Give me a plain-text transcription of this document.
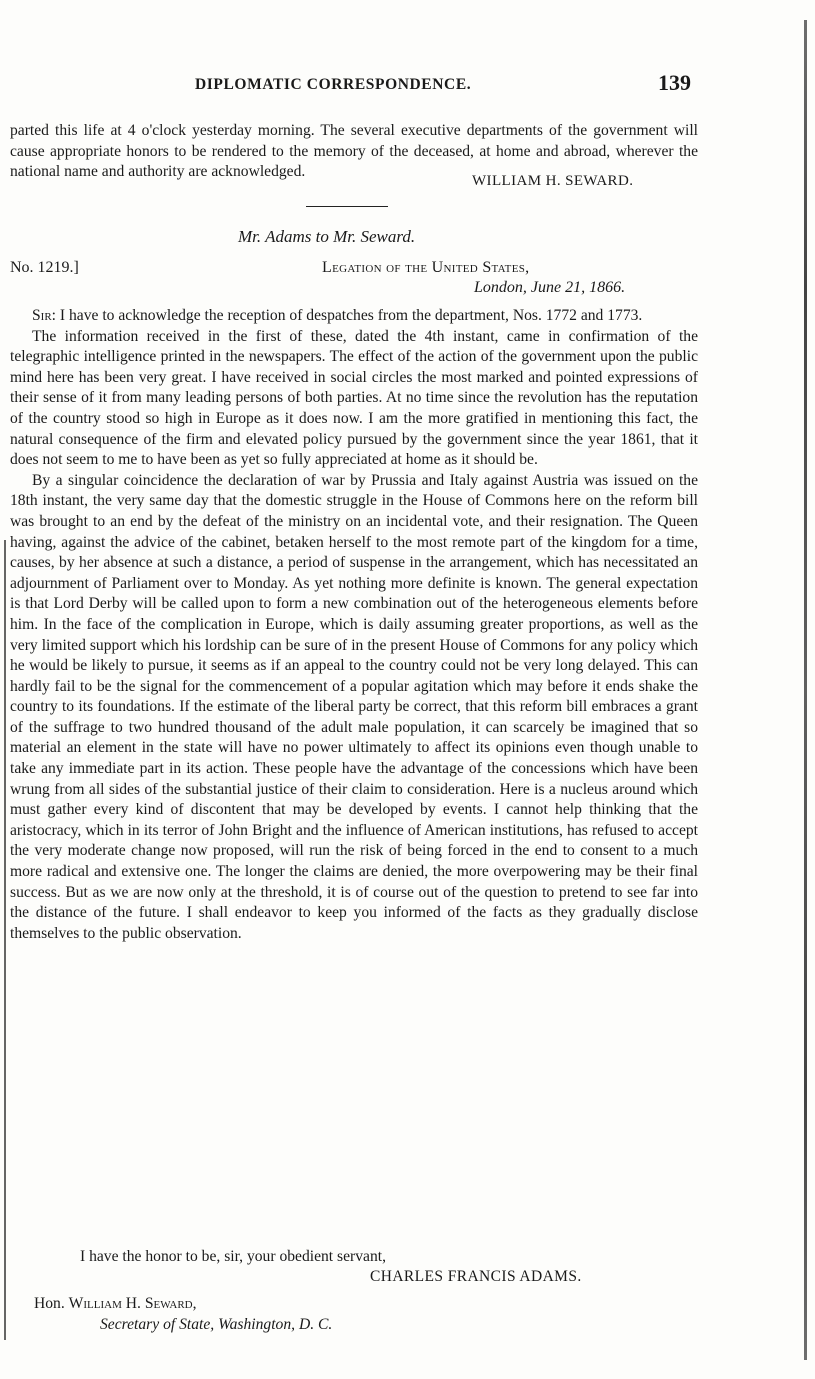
DIPLOMATIC CORRESPONDENCE.	139

parted this life at 4 o'clock yesterday morning. The several executive departments of the government will cause appropriate honors to be rendered to the memory of the deceased, at home and abroad, wherever the national name and authority are acknowledged.

WILLIAM H. SEWARD.
Mr. Adams to Mr. Seward.
No. 1219.]	Legation of the United States,
London, June 21, 1866.

Sir: I have to acknowledge the reception of despatches from the department, Nos. 1772 and 1773.

The information received in the first of these, dated the 4th instant, came in confirmation of the telegraphic intelligence printed in the newspapers. The effect of the action of the government upon the public mind here has been very great. I have received in social circles the most marked and pointed expressions of their sense of it from many leading persons of both parties. At no time since the revolution has the reputation of the country stood so high in Europe as it does now. I am the more gratified in mentioning this fact, the natural consequence of the firm and elevated policy pursued by the government since the year 1861, that it does not seem to me to have been as yet so fully appreciated at home as it should be.

By a singular coincidence the declaration of war by Prussia and Italy against Austria was issued on the 18th instant, the very same day that the domestic struggle in the House of Commons here on the reform bill was brought to an end by the defeat of the ministry on an incidental vote, and their resignation. The Queen having, against the advice of the cabinet, betaken herself to the most remote part of the kingdom for a time, causes, by her absence at such a distance, a period of suspense in the arrangement, which has necessitated an adjournment of Parliament over to Monday. As yet nothing more definite is known. The general expectation is that Lord Derby will be called upon to form a new combination out of the heterogeneous elements before him. In the face of the complication in Europe, which is daily assuming greater proportions, as well as the very limited support which his lordship can be sure of in the present House of Commons for any policy which he would be likely to pursue, it seems as if an appeal to the country could not be very long delayed. This can hardly fail to be the signal for the commencement of a popular agitation which may before it ends shake the country to its foundations. If the estimate of the liberal party be correct, that this reform bill embraces a grant of the suffrage to two hundred thousand of the adult male population, it can scarcely be imagined that so material an element in the state will have no power ultimately to affect its opinions even though unable to take any immediate part in its action. These people have the advantage of the concessions which have been wrung from all sides of the substantial justice of their claim to consideration. Here is a nucleus around which must gather every kind of discontent that may be developed by events. I cannot help thinking that the aristocracy, which in its terror of John Bright and the influence of American institutions, has refused to accept the very moderate change now proposed, will run the risk of being forced in the end to consent to a much more radical and extensive one. The longer the claims are denied, the more overpowering may be their final success. But as we are now only at the threshold, it is of course out of the question to pretend to see far into the distance of the future. I shall endeavor to keep you informed of the facts as they gradually disclose themselves to the public observation.

I have the honor to be, sir, your obedient servant,
CHARLES FRANCIS ADAMS.
Hon. William H. Seward,
Secretary of State, Washington, D. C.
